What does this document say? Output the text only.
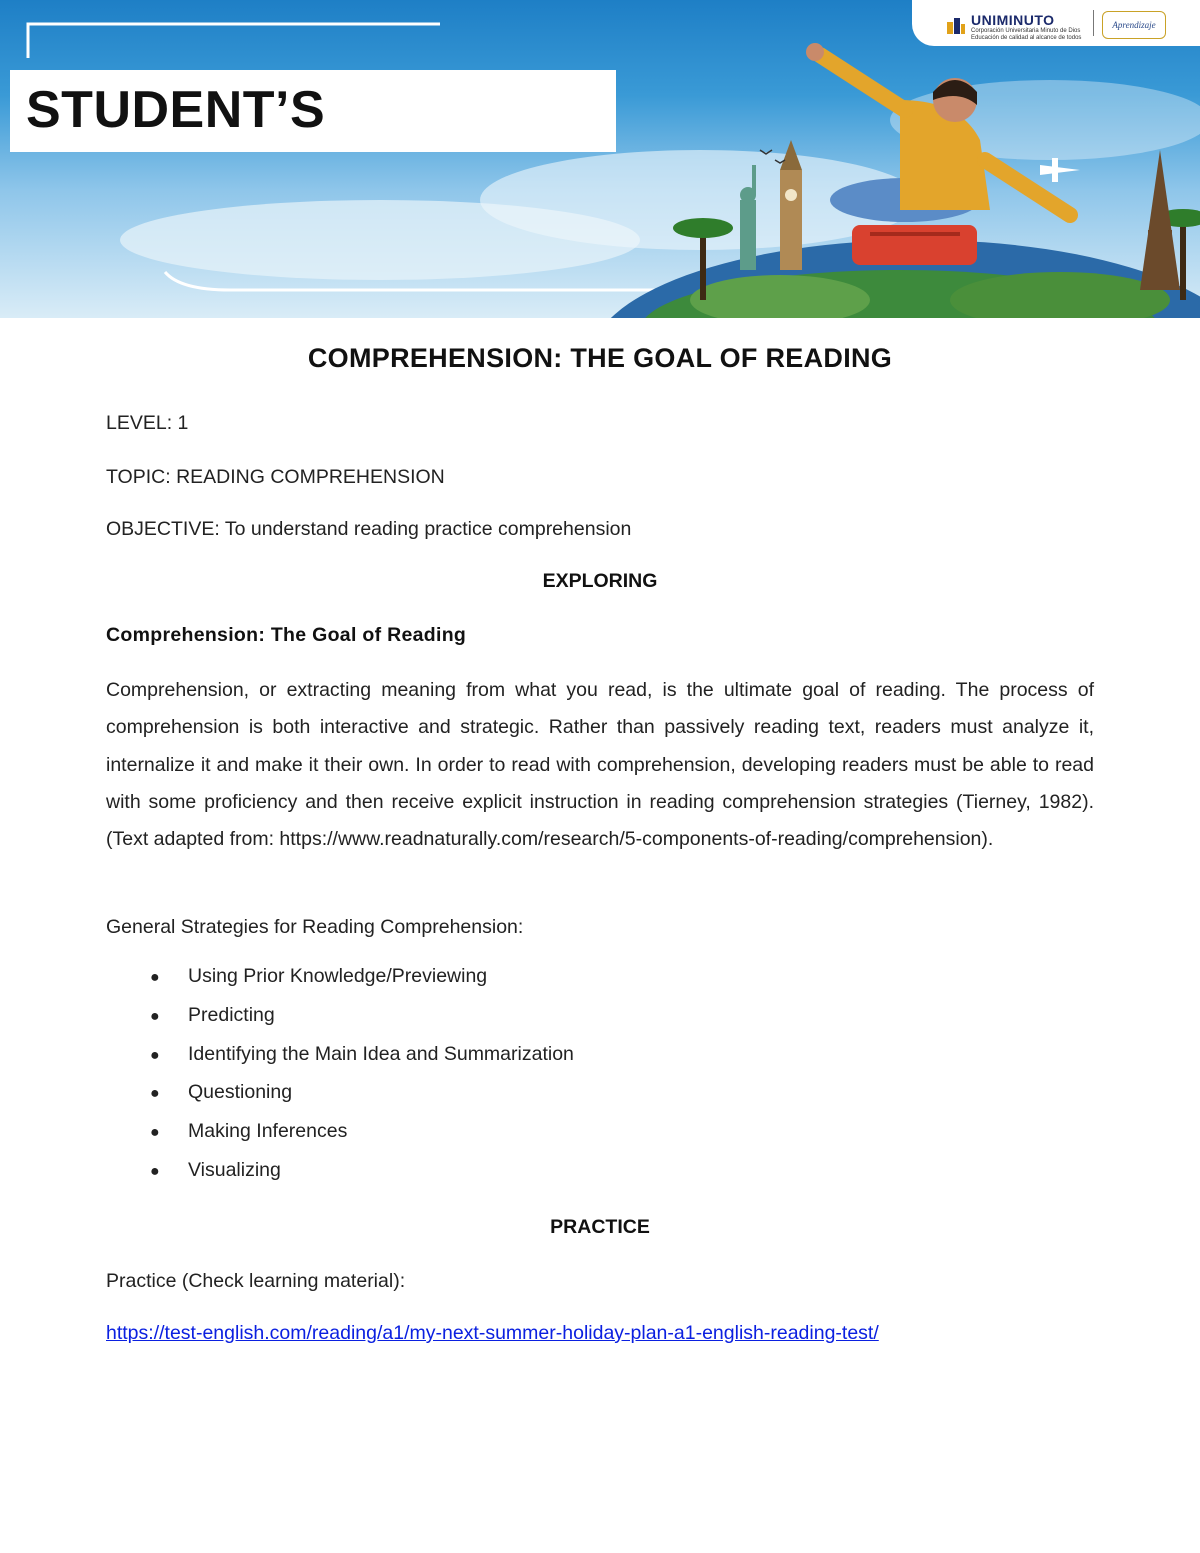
STUDENT’S
UNIMINUTO
Corporación Universitaria Minuto de Dios
Educación de calidad al alcance de todos
Aprendizaje
COMPREHENSION: THE GOAL OF READING

LEVEL: 1

TOPIC: READING COMPREHENSION

OBJECTIVE: To understand reading practice comprehension

EXPLORING
Comprehension: The Goal of Reading

Comprehension, or extracting meaning from what you read, is the ultimate goal of reading. The process of comprehension is both interactive and strategic. Rather than passively reading text, readers must analyze it, internalize it and make it their own. In order to read with comprehension, developing readers must be able to read with some proficiency and then receive explicit instruction in reading comprehension strategies (Tierney, 1982). (Text adapted from: https://www.readnaturally.com/research/5-components-of-reading/comprehension).

General Strategies for Reading Comprehension:

●	Using Prior Knowledge/Previewing
●	Predicting
●	Identifying the Main Idea and Summarization
●	Questioning
●	Making Inferences
●	Visualizing
PRACTICE

Practice (Check learning material):

https://test-english.com/reading/a1/my-next-summer-holiday-plan-a1-english-reading-test/
